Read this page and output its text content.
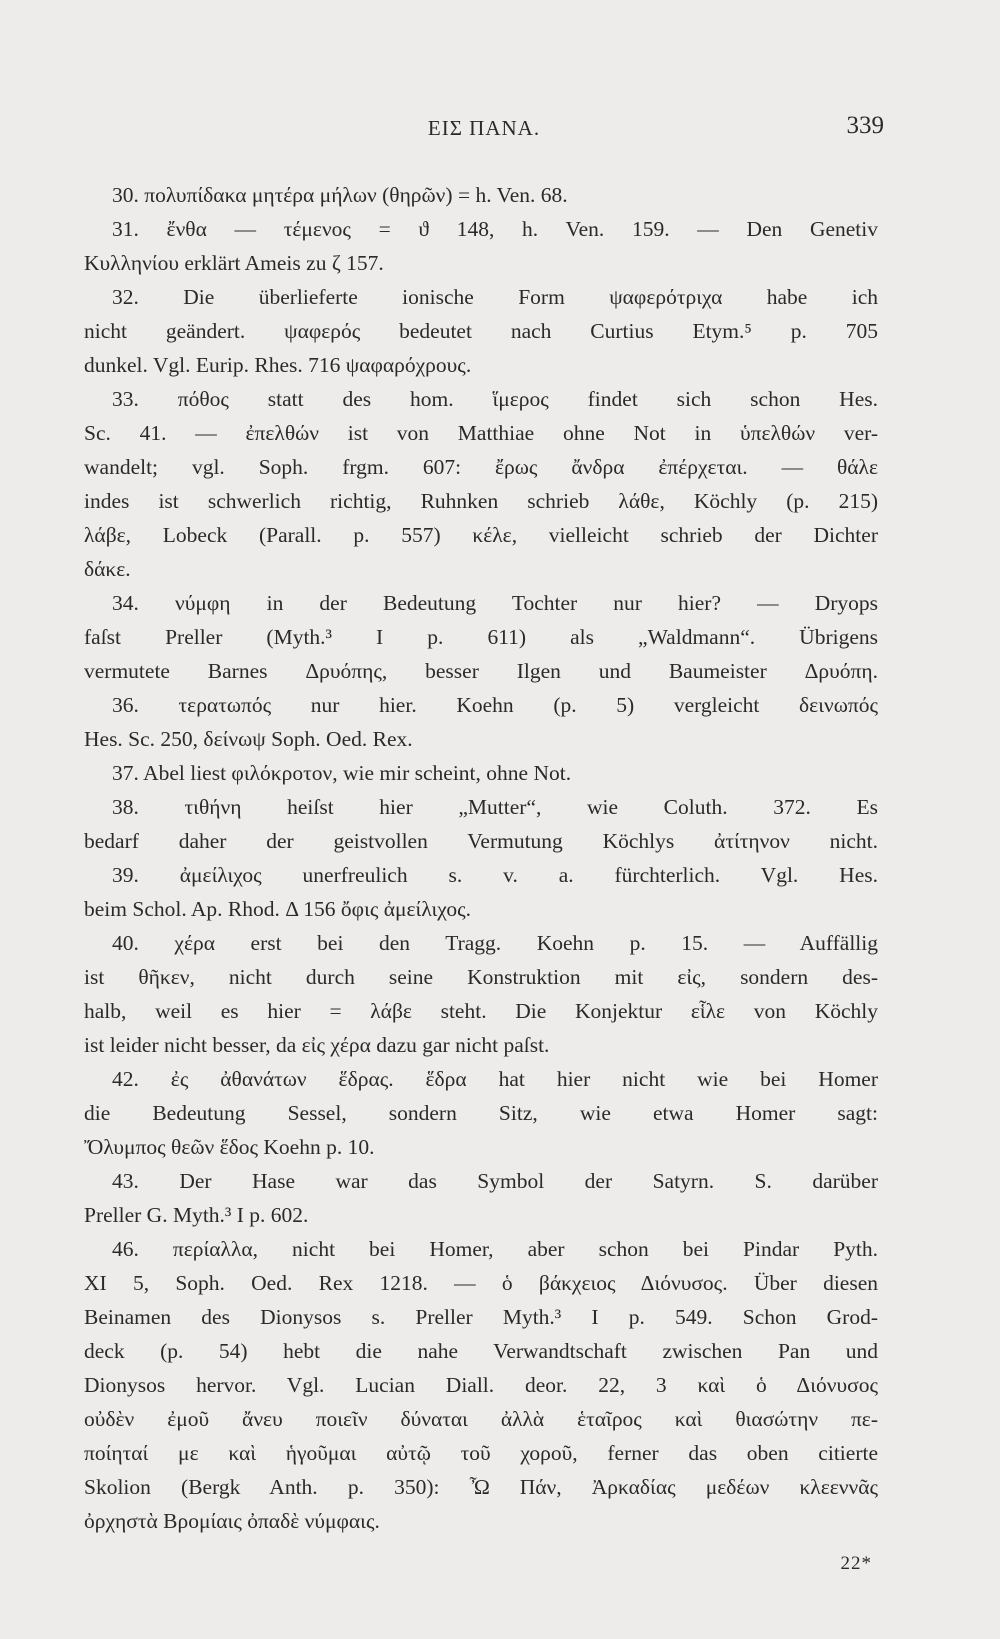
ΕΙΣ ΠΑΝΑ.	339
30. πολυπίδακα μητέρα μήλων (θηρῶν) = h. Ven. 68.
31. ἔνθα — τέμενος = ϑ 148, h. Ven. 159. — Den Genetiv
Κυλληνίου erklärt Ameis zu ζ 157.
32. Die überlieferte ionische Form ψαφερότριχα habe ich
nicht geändert. ψαφερός bedeutet nach Curtius Etym.⁵ p. 705
dunkel. Vgl. Eurip. Rhes. 716 ψαφαρόχρους.
33. πόθος statt des hom. ἵμερος findet sich schon Hes.
Sc. 41. — ἐπελθών ist von Matthiae ohne Not in ὑπελθών ver-
wandelt; vgl. Soph. frgm. 607: ἔρως ἄνδρα ἐπέρχεται. — θάλε
indes ist schwerlich richtig, Ruhnken schrieb λάθε, Köchly (p. 215)
λάβε, Lobeck (Parall. p. 557) κέλε, vielleicht schrieb der Dichter
δάκε.
34. νύμφη in der Bedeutung Tochter nur hier? — Dryops
faſst Preller (Myth.³ I p. 611) als „Waldmann“. Übrigens
vermutete Barnes Δρυόπης, besser Ilgen und Baumeister Δρυόπη.
36. τερατωπός nur hier. Koehn (p. 5) vergleicht δεινωπός
Hes. Sc. 250, δείνωψ Soph. Oed. Rex.
37. Abel liest φιλόκροτον, wie mir scheint, ohne Not.
38. τιθήνη heiſst hier „Mutter“, wie Coluth. 372. Es
bedarf daher der geistvollen Vermutung Köchlys ἀτίτηνον nicht.
39. ἀμείλιχος unerfreulich s. v. a. fürchterlich. Vgl. Hes.
beim Schol. Ap. Rhod. Δ 156 ὄφις ἀμείλιχος.
40. χέρα erst bei den Tragg. Koehn p. 15. — Auffällig
ist θῆκεν, nicht durch seine Konstruktion mit εἰς, sondern des-
halb, weil es hier = λάβε steht. Die Konjektur εἷλε von Köchly
ist leider nicht besser, da εἰς χέρα dazu gar nicht paſst.
42. ἐς ἀθανάτων ἕδρας. ἕδρα hat hier nicht wie bei Homer
die Bedeutung Sessel, sondern Sitz, wie etwa Homer sagt:
Ὄλυμπος θεῶν ἕδος Koehn p. 10.
43. Der Hase war das Symbol der Satyrn. S. darüber
Preller G. Myth.³ I p. 602.
46. περίαλλα, nicht bei Homer, aber schon bei Pindar Pyth.
XI 5, Soph. Oed. Rex 1218. — ὁ βάκχειος Διόνυσος. Über diesen
Beinamen des Dionysos s. Preller Myth.³ I p. 549. Schon Grod-
deck (p. 54) hebt die nahe Verwandtschaft zwischen Pan und
Dionysos hervor. Vgl. Lucian Diall. deor. 22, 3 καὶ ὁ Διόνυσος
οὐδὲν ἐμοῦ ἄνευ ποιεῖν δύναται ἀλλὰ ἑταῖρος καὶ θιασώτην πε-
ποίηταί με καὶ ἡγοῦμαι αὐτῷ τοῦ χοροῦ, ferner das oben citierte
Skolion (Bergk Anth. p. 350): Ὦ Πάν, Ἀρκαδίας μεδέων κλεεννᾶς
ὀρχηστὰ Βρομίαις ὀπαδὲ νύμφαις.
22*
